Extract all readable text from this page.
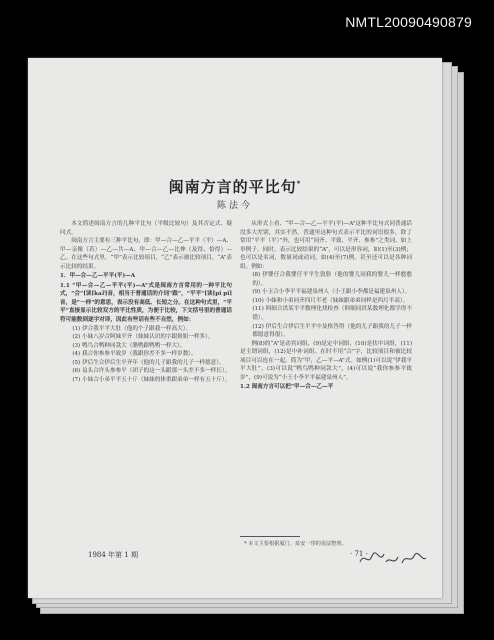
NMTL20090490879
闽南方言的平比句*
陈法今

本文简述闽南方言的几种平比句（平级比较句）及其否定式、疑问式。

闽南方言主要有三种平比句，即：甲—合—乙—平平（平）—A、甲—亲像（若）—乙—共—A、甲—合—乙—比伸（及得、恰得）—乙。在这些句式里，“甲”表示比较项目，“乙”表示被比较项目，“A”表示比较的结果。

1．甲—合—乙—平平(平)—A

1.1 “甲—合—乙—平平(平)—A”式是闽南方言常用的一种平比句式，“合”[读[kaʔ]音，相当于普通话的介词“跟”，“平平”[读[pĩ pĩ]音，是“一样”的意思，表示没有高低、长短之分。在这种句式里，“平平”直接显示比较双方的平比性质，为便于比较，下文括号里的普通话符可能数到逐字对译，因此有些话有些不自然，例如：

(1) 伊合我平平大肚（他的个子跟我一样高大）。

(2) 小妹八岁合阿妹平齐（妹妹认识的字跟姐姐一样多）。

(3) 鸭鸟合鸭种同款大（腊鸭跟鸭鸭一样大）。

(4) 我合你参参平致岁（我跟你差不多一样岁数）。

(5) 伊后生合伊后生平齐年（他的儿子跟我的儿子一样愿意）。

(6) 益头合许头参参平（团子的这一头跟那一头差不多一样长）。

(7) 小妹合小弟平平五十斤（妹妹的体重跟弟弟一样有五十斤）。

从形式上看，“甲—合—乙—平平(平)—A”这种平比句式同普通话没多大差别，其实不然。普通里这种句式表示平比的词语很多，除了常用“平平（平）”外，也可用“同齐、平致、平齐、参参”之类词，如上举例子。同时，表示比较结果的“A”，可以是形容词，如(1)至(3)例；也可以是名词，数量词或动词，如(4)至(7)例。甚至还可以是各种词组。例如：

(8) 伊婴仔合我婴仔平平生敦脸（他的婴儿同我的婴儿一样憨憨的）。

(9) 小玉合小李平平福建泉州人（小王跟小李都是福建泉州人）。

(10) 小妹和小弟同齐四尺半老（妹妹跟弟弟同样是四尺半高）。

(11) 阿细合洪某平平数理化找检查（阿细同洪某数理化都学得不错）。

(12) 伊后生合伊后生平平中及格答得（他的儿子跟我的儿子一样都愿意得很）。

例(8)的“A”是动宾词组，(9)是定中词组，(10)是状中词组，(11)是主谓词组，(12)是中补词组。在时不用“合”字，比较项目和被比较项目可以连在一起，简为“甲，乙—平—A”式。如例(1)可以说“伊我平平大肚”，(3)可以说“鸭鸟鸭种同款大”，(4)可以说“我你参参平致岁”，(9)可说为“小王小李平平福建泉州人”。

1.2 闽南方言可以把“甲—合—乙—平

* 本文主要根据厦门、泉安一带的说法整理。
1984 年第 1 期	· 71 ·
